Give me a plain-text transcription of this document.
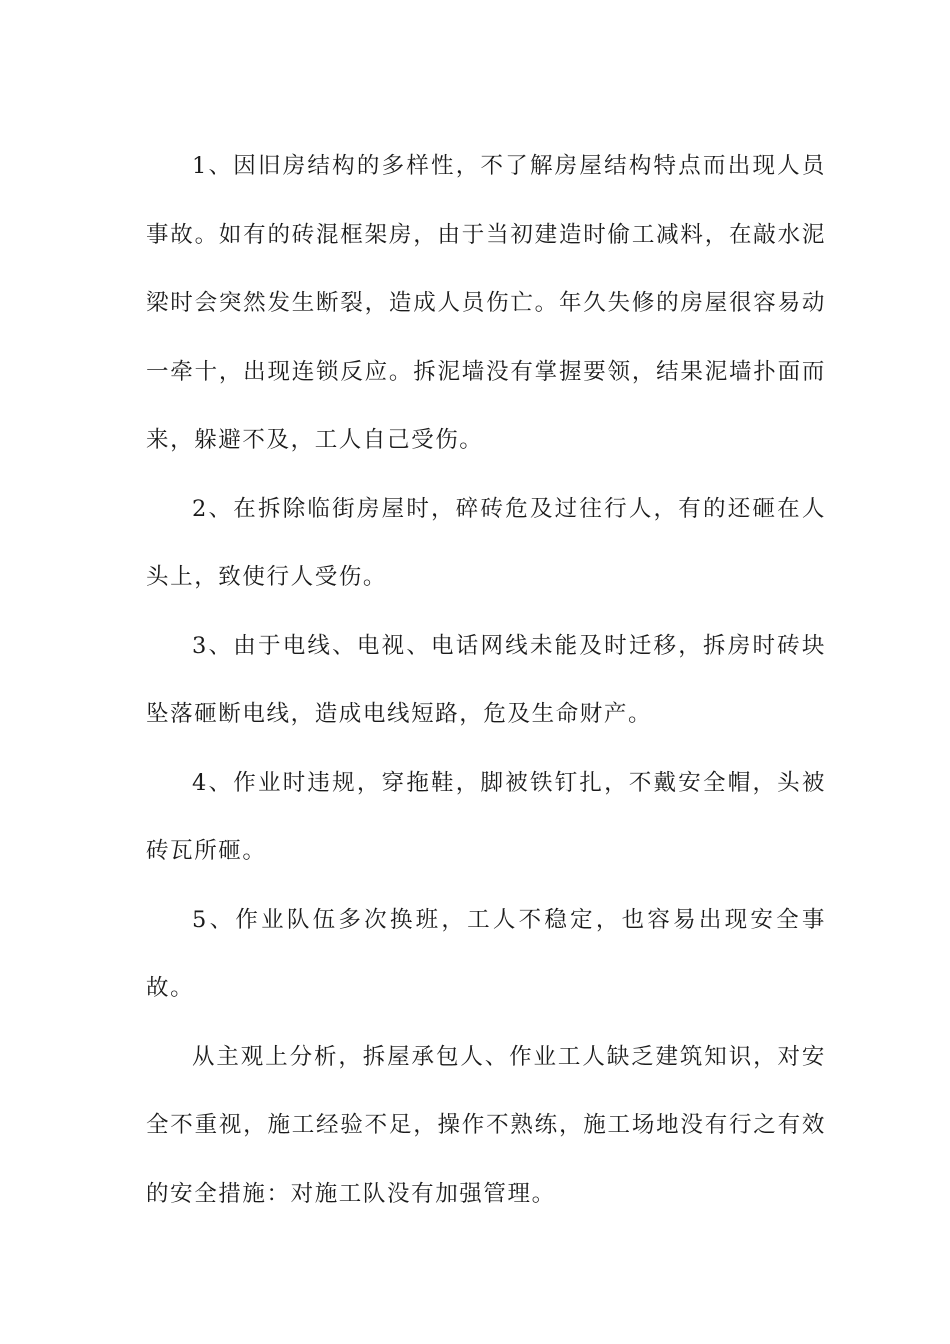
1、因旧房结构的多样性，不了解房屋结构特点而出现人员事故。如有的砖混框架房，由于当初建造时偷工减料，在敲水泥梁时会突然发生断裂，造成人员伤亡。年久失修的房屋很容易动一牵十，出现连锁反应。拆泥墙没有掌握要领，结果泥墙扑面而来，躲避不及，工人自己受伤。

2、在拆除临街房屋时，碎砖危及过往行人，有的还砸在人头上，致使行人受伤。

3、由于电线、电视、电话网线未能及时迁移，拆房时砖块坠落砸断电线，造成电线短路，危及生命财产。

4、作业时违规，穿拖鞋，脚被铁钉扎，不戴安全帽，头被砖瓦所砸。

5、作业队伍多次换班，工人不稳定，也容易出现安全事故。

从主观上分析，拆屋承包人、作业工人缺乏建筑知识，对安全不重视，施工经验不足，操作不熟练，施工场地没有行之有效的安全措施：对施工队没有加强管理。
